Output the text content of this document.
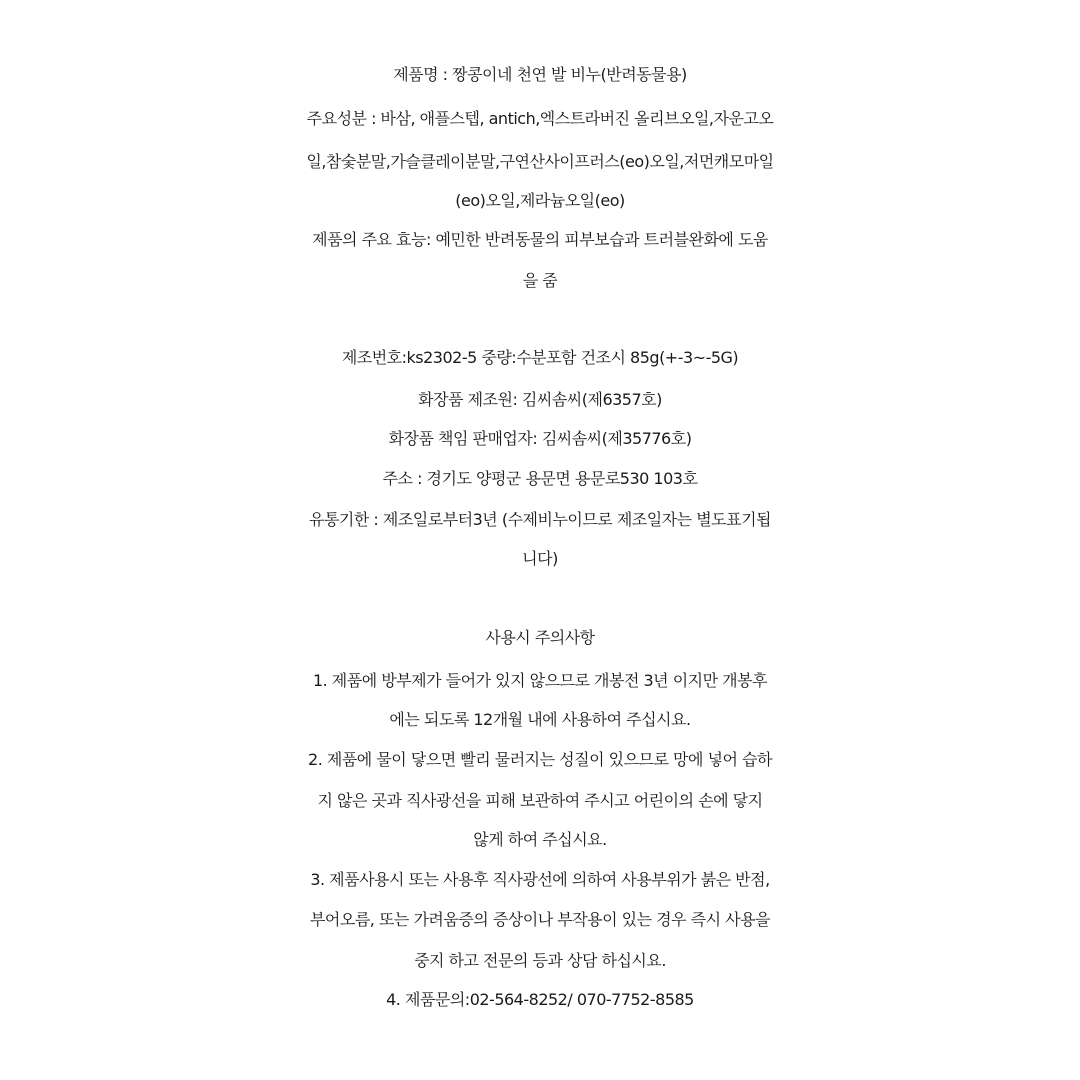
제품명 : 짱콩이네 천연 발 비누(반려동물용)
주요성분 : 바삼, 애플스텝, antich,엑스트라버진 올리브오일,자운고오
일,참숯분말,가슬클레이분말,구연산사이프러스(eo)오일,저먼캐모마일
(eo)오일,제라늄오일(eo)
제품의 주요 효능: 예민한 반려동물의 피부보습과 트러블완화에 도움
을 줌
제조번호:ks2302-5 중량:수분포함 건조시 85g(+-3~-5G)
화장품 제조원: 김씨솜씨(제6357호)
화장품 책임 판매업자: 김씨솜씨(제35776호)
주소 : 경기도 양평군 용문면 용문로530 103호
유통기한 : 제조일로부터3년 (수제비누이므로 제조일자는 별도표기됩
니다)
사용시 주의사항
1. 제품에 방부제가 들어가 있지 않으므로 개봉전 3년 이지만 개봉후
에는 되도록 12개월 내에 사용하여 주십시요.
2. 제품에 물이 닿으면 빨리 물러지는 성질이 있으므로 망에 넣어 습하
지 않은 곳과 직사광선을 피해 보관하여 주시고 어린이의 손에 닿지
않게 하여 주십시요.
3. 제품사용시 또는 사용후 직사광선에 의하여 사용부위가 붉은 반점,
부어오름, 또는 가려움증의 증상이나 부작용이 있는 경우 즉시 사용을
중지 하고 전문의 등과 상담 하십시요.
4. 제품문의:02-564-8252/ 070-7752-8585
